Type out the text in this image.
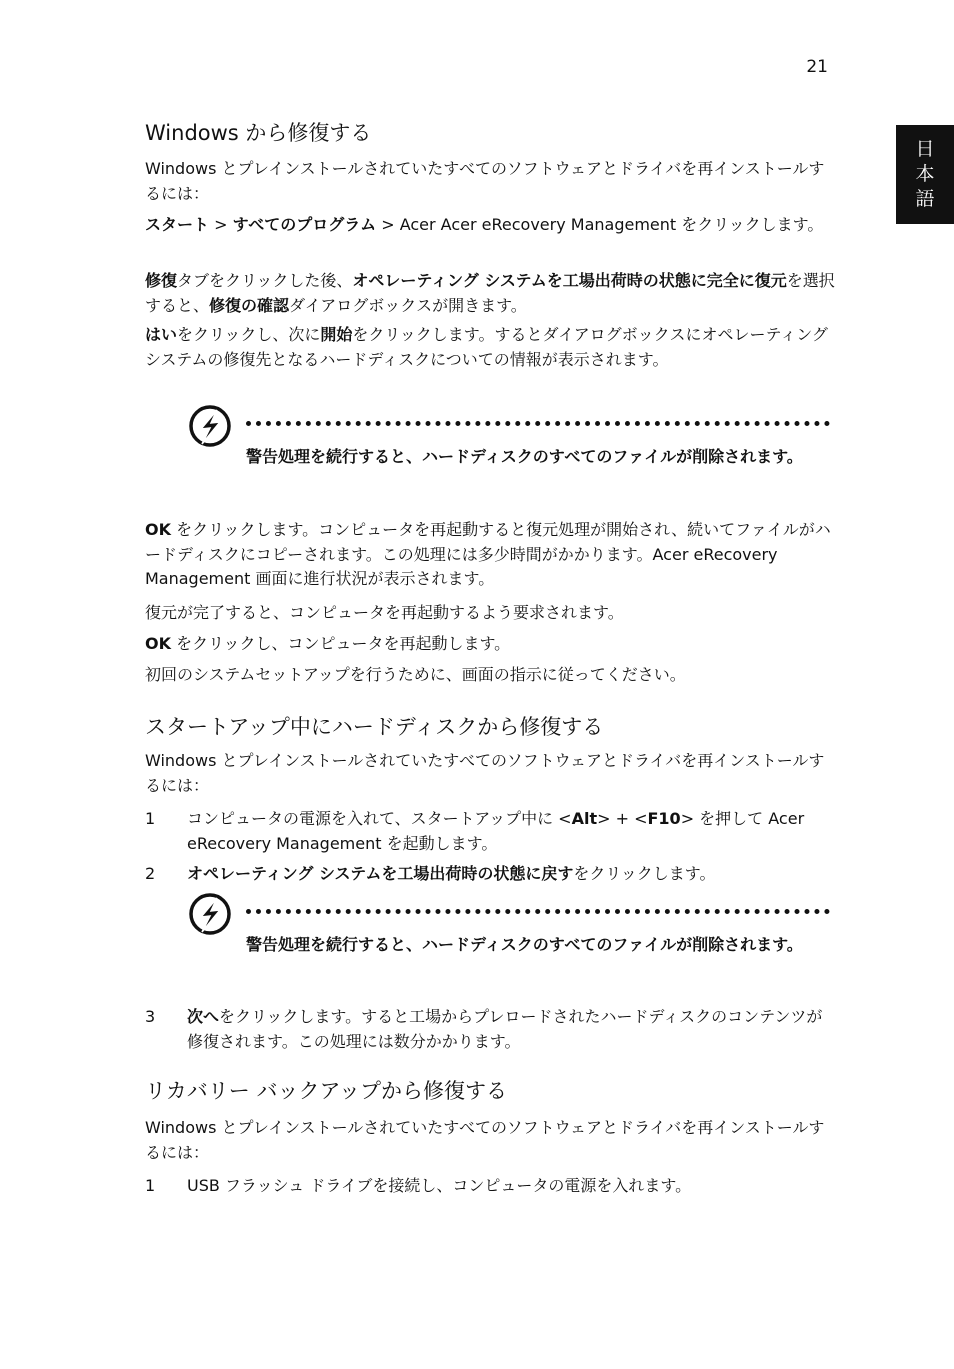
21
日
本
語
Windows から修復する

Windows とプレインストールされていたすべてのソフトウェアとドライバを再インストールするには：

スタート > すべてのプログラム > Acer Acer eRecovery Management をクリックします。

修復タブをクリックした後、オペレーティング システムを工場出荷時の状態に完全に復元を選択すると、修復の確認ダイアログボックスが開きます。

はいをクリックし、次に開始をクリックします。するとダイアログボックスにオペレーティングシステムの修復先となるハードディスクについての情報が表示されます。

警告処理を続行すると、ハードディスクのすべてのファイルが削除されます。

OK をクリックします。コンピュータを再起動すると復元処理が開始され、続いてファイルがハードディスクにコピーされます。この処理には多少時間がかかります。Acer eRecovery Management 画面に進行状況が表示されます。

復元が完了すると、コンピュータを再起動するよう要求されます。

OK をクリックし、コンピュータを再起動します。

初回のシステムセットアップを行うために、画面の指示に従ってください。

スタートアップ中にハードディスクから修復する

Windows とプレインストールされていたすべてのソフトウェアとドライバを再インストールするには：

1 コンピュータの電源を入れて、スタートアップ中に <Alt> + <F10> を押して Acer eRecovery Management を起動します。
2 オペレーティング システムを工場出荷時の状態に戻すをクリックします。
警告処理を続行すると、ハードディスクのすべてのファイルが削除されます。
3 次へをクリックします。すると工場からプレロードされたハードディスクのコンテンツが修復されます。この処理には数分かかります。
リカバリー バックアップから修復する

Windows とプレインストールされていたすべてのソフトウェアとドライバを再インストールするには：

1 USB フラッシュ ドライブを接続し、コンピュータの電源を入れます。
